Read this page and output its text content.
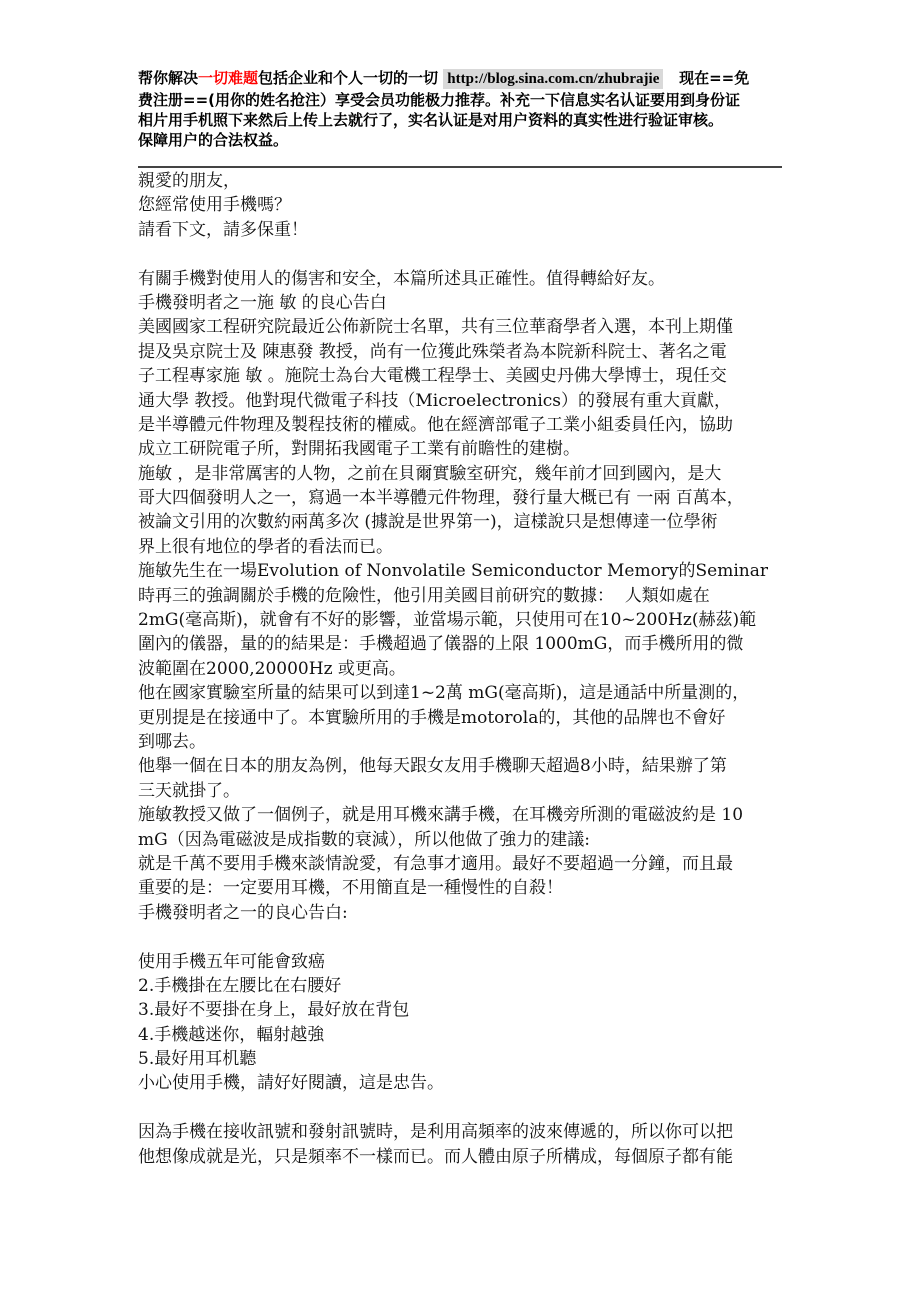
帮你解决一切难题包括企业和个人一切的一切 http://blog.sina.com.cn/zhubrajie 现在==免
费注册==(用你的姓名抢注）享受会员功能极力推荐。补充一下信息实名认证要用到身份证
相片用手机照下来然后上传上去就行了，实名认证是对用户资料的真实性进行验证审核。
保障用户的合法权益。
親愛的朋友，
您經常使用手機嗎？
請看下文，請多保重！
有關手機對使用人的傷害和安全，本篇所述具正確性。值得轉給好友。
手機發明者之一施 敏 的良心告白
美國國家工程研究院最近公佈新院士名單，共有三位華裔學者入選，本刊上期僅
提及吳京院士及 陳惠發 教授，尚有一位獲此殊榮者為本院新科院士、著名之電
子工程專家施 敏 。施院士為台大電機工程學士、美國史丹佛大學博士，現任交
通大學 教授。他對現代微電子科技（Microelectronics）的發展有重大貢獻，
是半導體元件物理及製程技術的權威。他在經濟部電子工業小組委員任內，協助
成立工研院電子所，對開拓我國電子工業有前瞻性的建樹。
施敏 ，是非常厲害的人物，之前在貝爾實驗室研究，幾年前才回到國內，是大
哥大四個發明人之一，寫過一本半導體元件物理，發行量大概已有 一兩 百萬本，
被論文引用的次數約兩萬多次 (據說是世界第一)，這樣說只是想傳達一位學術
界上很有地位的學者的看法而已。
施敏先生在一場Evolution of Nonvolatile Semiconductor Memory的Seminar
時再三的強調關於手機的危險性，他引用美國目前研究的數據：  人類如處在
2mG(毫高斯)，就會有不好的影響，並當場示範，只使用可在10~200Hz(赫茲)範
圍內的儀器，量的的結果是：手機超過了儀器的上限 1000mG，而手機所用的微
波範圍在2000,20000Hz 或更高。
他在國家實驗室所量的結果可以到達1~2萬 mG(毫高斯)，這是通話中所量測的，
更別提是在接通中了。本實驗所用的手機是motorola的，其他的品牌也不會好
到哪去。
他舉一個在日本的朋友為例，他每天跟女友用手機聊天超過8小時，結果辦了第
三天就掛了。
施敏教授又做了一個例子，就是用耳機來講手機，在耳機旁所測的電磁波約是 10
mG（因為電磁波是成指數的衰減），所以他做了強力的建議:
就是千萬不要用手機來談情說愛，有急事才適用。最好不要超過一分鐘，而且最
重要的是：一定要用耳機，不用簡直是一種慢性的自殺！
手機發明者之一的良心告白:
使用手機五年可能會致癌
2.手機掛在左腰比在右腰好
3.最好不要掛在身上，最好放在背包
4.手機越迷你，輻射越強
5.最好用耳机聽
小心使用手機，請好好閱讀，這是忠告。
因為手機在接收訊號和發射訊號時，是利用高頻率的波來傳遞的，所以你可以把
他想像成就是光，只是頻率不一樣而已。而人體由原子所構成，每個原子都有能
